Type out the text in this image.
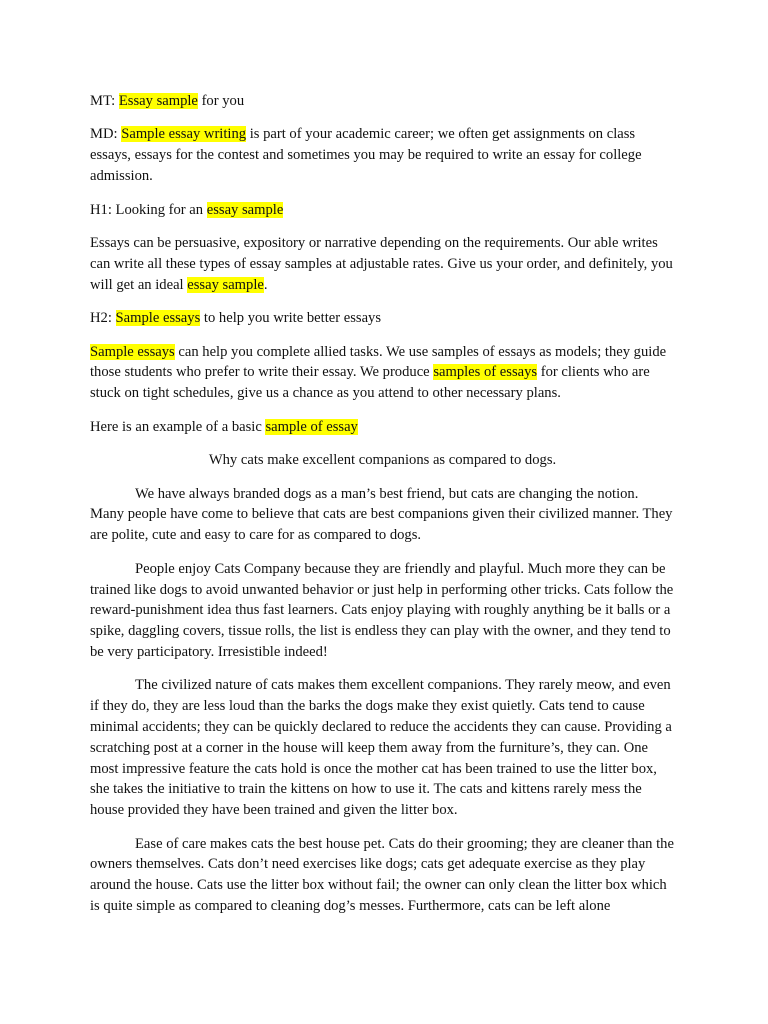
MT: Essay sample for you

MD: Sample essay writing is part of your academic career; we often get assignments on class essays, essays for the contest and sometimes you may be required to write an essay for college admission.

H1: Looking for an essay sample

Essays can be persuasive, expository or narrative depending on the requirements. Our able writes can write all these types of essay samples at adjustable rates. Give us your order, and definitely, you will get an ideal essay sample.

H2: Sample essays to help you write better essays

Sample essays can help you complete allied tasks. We use samples of essays as models; they guide those students who prefer to write their essay. We produce samples of essays for clients who are stuck on tight schedules, give us a chance as you attend to other necessary plans.

Here is an example of a basic sample of essay

Why cats make excellent companions as compared to dogs.

We have always branded dogs as a man’s best friend, but cats are changing the notion. Many people have come to believe that cats are best companions given their civilized manner. They are polite, cute and easy to care for as compared to dogs.

People enjoy Cats Company because they are friendly and playful. Much more they can be trained like dogs to avoid unwanted behavior or just help in performing other tricks. Cats follow the reward-punishment idea thus fast learners. Cats enjoy playing with roughly anything be it balls or a spike, daggling covers, tissue rolls, the list is endless they can play with the owner, and they tend to be very participatory. Irresistible indeed!

The civilized nature of cats makes them excellent companions. They rarely meow, and even if they do, they are less loud than the barks the dogs make they exist quietly. Cats tend to cause minimal accidents; they can be quickly declared to reduce the accidents they can cause. Providing a scratching post at a corner in the house will keep them away from the furniture’s, they can. One most impressive feature the cats hold is once the mother cat has been trained to use the litter box, she takes the initiative to train the kittens on how to use it. The cats and kittens rarely mess the house provided they have been trained and given the litter box.

Ease of care makes cats the best house pet. Cats do their grooming; they are cleaner than the owners themselves. Cats don’t need exercises like dogs; cats get adequate exercise as they play around the house. Cats use the litter box without fail; the owner can only clean the litter box which is quite simple as compared to cleaning dog’s messes. Furthermore, cats can be left alone
